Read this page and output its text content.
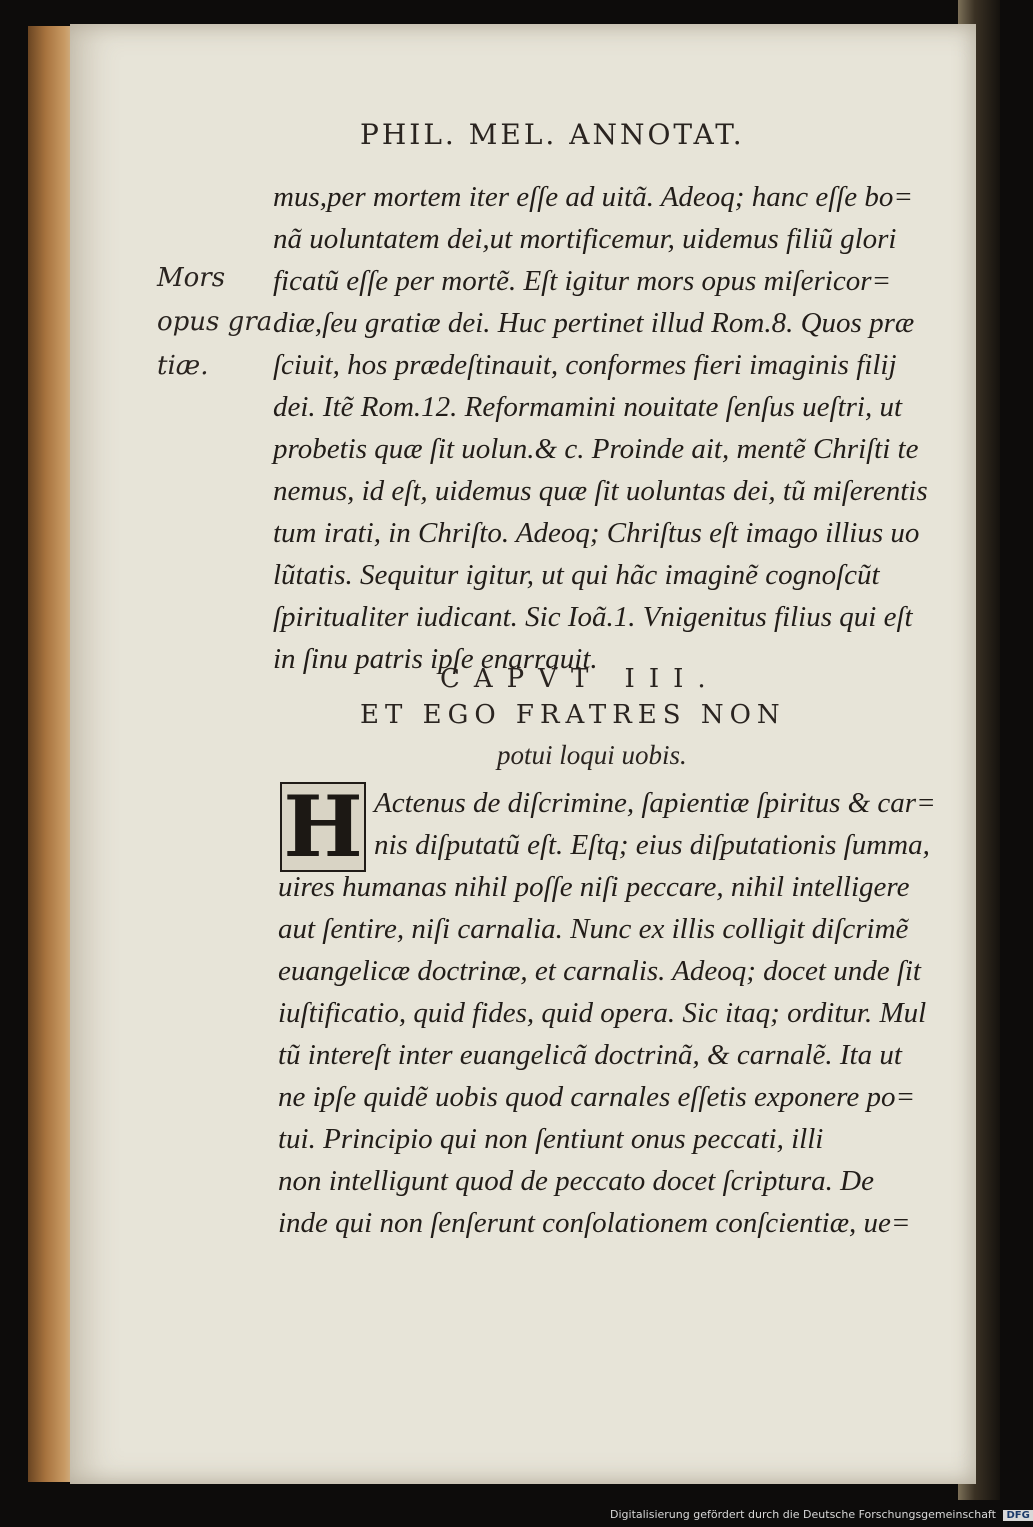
PHIL. MEL. ANNOTAT.
Mors
opus gra
tiæ.
mus,per mortem iter eſſe ad uitã. Adeoq; hanc eſſe bo=
nã uoluntatem dei,ut mortificemur, uidemus filiũ glori
ficatũ eſſe per mortẽ. Eſt igitur mors opus miſericor=
diæ,ſeu gratiæ dei. Huc pertinet illud Rom.8. Quos præ
ſciuit, hos prædeſtinauit, conformes fieri imaginis filij
dei. Itẽ Rom.12. Reformamini nouitate ſenſus ueſtri, ut
probetis quæ ſit uolun.& c. Proinde ait, mentẽ Chriſti te
nemus, id eſt, uidemus quæ ſit uoluntas dei, tũ miſerentis
tum irati, in Chriſto. Adeoq; Chriſtus eſt imago illius uo
lũtatis. Sequitur igitur, ut qui hãc imaginẽ cognoſcũt
ſpiritualiter iudicant. Sic Ioã.1. Vnigenitus filius qui eſt
in ſinu patris ipſe enarrauit.
CAPVT III.
ET EGO FRATRES NON
potui loqui uobis.
H Actenus de diſcrimine, ſapientiæ ſpiritus & car=
nis diſputatũ eſt. Eſtq; eius diſputationis ſumma,
uires humanas nihil poſſe niſi peccare, nihil intelligere
aut ſentire, niſi carnalia. Nunc ex illis colligit diſcrimẽ
euangelicæ doctrinæ, et carnalis. Adeoq; docet unde ſit
iuſtificatio, quid fides, quid opera. Sic itaq; orditur. Mul
tũ intereſt inter euangelicã doctrinã, & carnalẽ. Ita ut
ne ipſe quidẽ uobis quod carnales eſſetis exponere po=
tui. Principio qui non ſentiunt onus peccati, illi
non intelligunt quod de peccato docet ſcriptura. De
inde qui non ſenſerunt conſolationem conſcientiæ, ue=
Digitalisierung gefördert durch die Deutsche Forschungsgemeinschaft DFG
